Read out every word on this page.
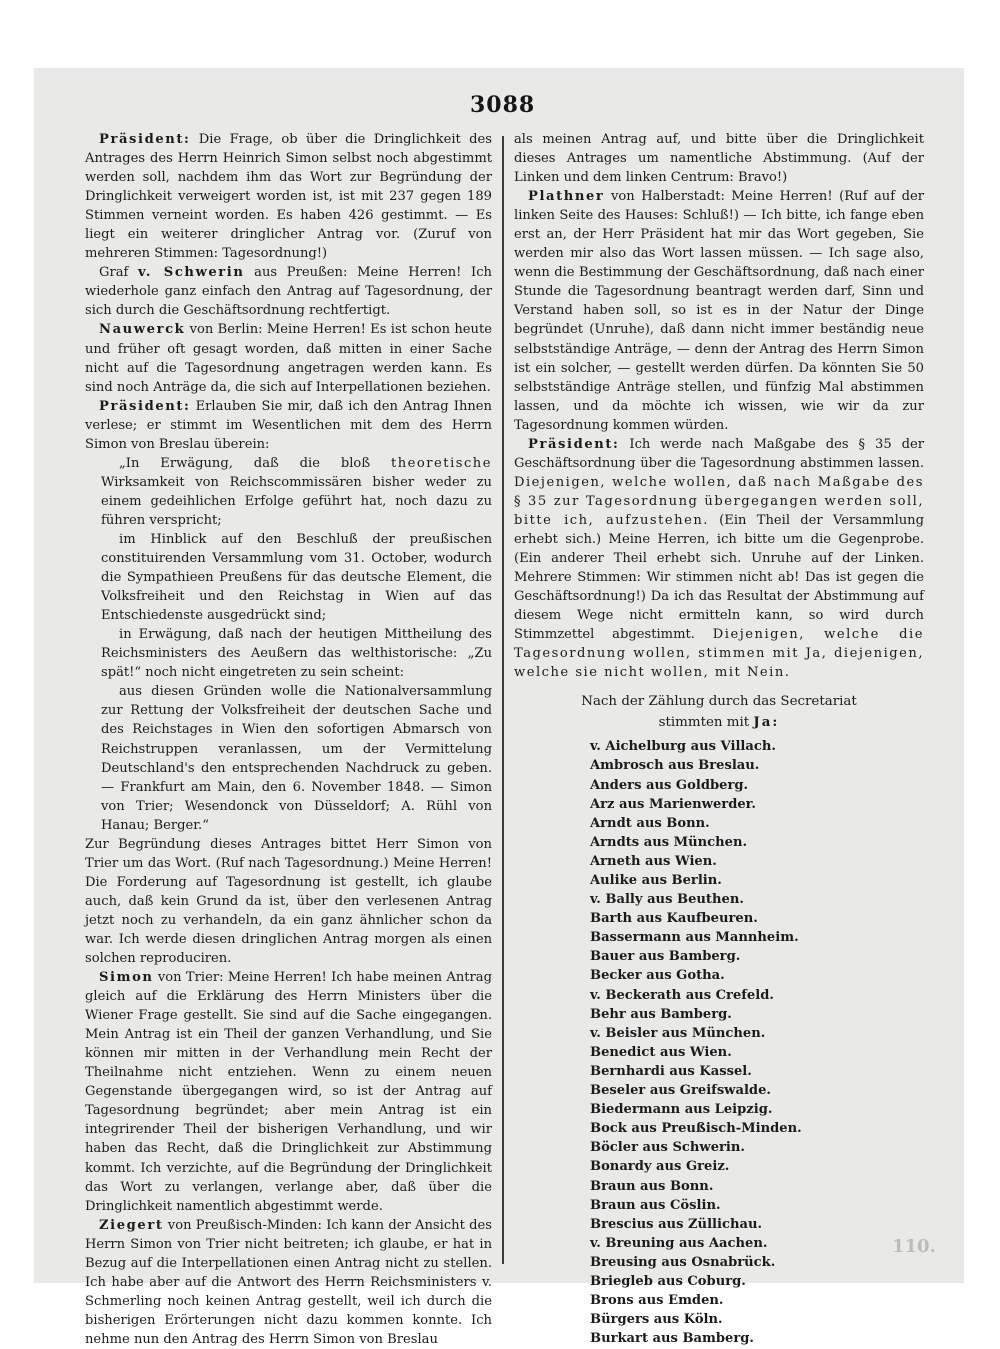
3088

Präsident: Die Frage, ob über die Dringlichkeit des Antrages des Herrn Heinrich Simon selbst noch abgestimmt werden soll, nachdem ihm das Wort zur Begründung der Dringlichkeit verweigert worden ist, ist mit 237 gegen 189 Stimmen verneint worden. Es haben 426 gestimmt. — Es liegt ein weiterer dringlicher Antrag vor. (Zuruf von mehreren Stimmen: Tagesordnung!)

Graf v. Schwerin aus Preußen: Meine Herren! Ich wiederhole ganz einfach den Antrag auf Tagesordnung, der sich durch die Geschäftsordnung rechtfertigt.

Nauwerck von Berlin: Meine Herren! Es ist schon heute und früher oft gesagt worden, daß mitten in einer Sache nicht auf die Tagesordnung angetragen werden kann. Es sind noch Anträge da, die sich auf Interpellationen beziehen.

Präsident: Erlauben Sie mir, daß ich den Antrag Ihnen verlese; er stimmt im Wesentlichen mit dem des Herrn Simon von Breslau überein:

„In Erwägung, daß die bloß theoretische Wirksamkeit von Reichscommissären bisher weder zu einem gedeihlichen Erfolge geführt hat, noch dazu zu führen verspricht;

im Hinblick auf den Beschluß der preußischen constituirenden Versammlung vom 31. October, wodurch die Sympathieen Preußens für das deutsche Element, die Volksfreiheit und den Reichstag in Wien auf das Entschiedenste ausgedrückt sind;

in Erwägung, daß nach der heutigen Mittheilung des Reichsministers des Aeußern das welthistorische: „Zu spät!“ noch nicht eingetreten zu sein scheint:

aus diesen Gründen wolle die Nationalversammlung zur Rettung der Volksfreiheit der deutschen Sache und des Reichstages in Wien den sofortigen Abmarsch von Reichstruppen veranlassen, um der Vermittelung Deutschland's den entsprechenden Nachdruck zu geben. — Frankfurt am Main, den 6. November 1848. — Simon von Trier; Wesendonck von Düsseldorf; A. Rühl von Hanau; Berger.“

Zur Begründung dieses Antrages bittet Herr Simon von Trier um das Wort. (Ruf nach Tagesordnung.) Meine Herren! Die Forderung auf Tagesordnung ist gestellt, ich glaube auch, daß kein Grund da ist, über den verlesenen Antrag jetzt noch zu verhandeln, da ein ganz ähnlicher schon da war. Ich werde diesen dringlichen Antrag morgen als einen solchen reproduciren.

Simon von Trier: Meine Herren! Ich habe meinen Antrag gleich auf die Erklärung des Herrn Ministers über die Wiener Frage gestellt. Sie sind auf die Sache eingegangen. Mein Antrag ist ein Theil der ganzen Verhandlung, und Sie können mir mitten in der Verhandlung mein Recht der Theilnahme nicht entziehen. Wenn zu einem neuen Gegenstande übergegangen wird, so ist der Antrag auf Tagesordnung begründet; aber mein Antrag ist ein integrirender Theil der bisherigen Verhandlung, und wir haben das Recht, daß die Dringlichkeit zur Abstimmung kommt. Ich verzichte, auf die Begründung der Dringlichkeit das Wort zu verlangen, verlange aber, daß über die Dringlichkeit namentlich abgestimmt werde.

Ziegert von Preußisch-Minden: Ich kann der Ansicht des Herrn Simon von Trier nicht beitreten; ich glaube, er hat in Bezug auf die Interpellationen einen Antrag nicht zu stellen. Ich habe aber auf die Antwort des Herrn Reichsministers v. Schmerling noch keinen Antrag gestellt, weil ich durch die bisherigen Erörterungen nicht dazu kommen konnte. Ich nehme nun den Antrag des Herrn Simon von Breslau

als meinen Antrag auf, und bitte über die Dringlichkeit dieses Antrages um namentliche Abstimmung. (Auf der Linken und dem linken Centrum: Bravo!)

Plathner von Halberstadt: Meine Herren! (Ruf auf der linken Seite des Hauses: Schluß!) — Ich bitte, ich fange eben erst an, der Herr Präsident hat mir das Wort gegeben, Sie werden mir also das Wort lassen müssen. — Ich sage also, wenn die Bestimmung der Geschäftsordnung, daß nach einer Stunde die Tagesordnung beantragt werden darf, Sinn und Verstand haben soll, so ist es in der Natur der Dinge begründet (Unruhe), daß dann nicht immer beständig neue selbstständige Anträge, — denn der Antrag des Herrn Simon ist ein solcher, — gestellt werden dürfen. Da könnten Sie 50 selbstständige Anträge stellen, und fünfzig Mal abstimmen lassen, und da möchte ich wissen, wie wir da zur Tagesordnung kommen würden.

Präsident: Ich werde nach Maßgabe des § 35 der Geschäftsordnung über die Tagesordnung abstimmen lassen. Diejenigen, welche wollen, daß nach Maßgabe des § 35 zur Tagesordnung übergegangen werden soll, bitte ich, aufzustehen. (Ein Theil der Versammlung erhebt sich.) Meine Herren, ich bitte um die Gegenprobe. (Ein anderer Theil erhebt sich. Unruhe auf der Linken. Mehrere Stimmen: Wir stimmen nicht ab! Das ist gegen die Geschäftsordnung!) Da ich das Resultat der Abstimmung auf diesem Wege nicht ermitteln kann, so wird durch Stimmzettel abgestimmt. Diejenigen, welche die Tagesordnung wollen, stimmen mit Ja, diejenigen, welche sie nicht wollen, mit Nein.

Nach der Zählung durch das Secretariat
stimmten mit Ja:

v. Aichelburg aus Villach.
Ambrosch aus Breslau.
Anders aus Goldberg.
Arz aus Marienwerder.
Arndt aus Bonn.
Arndts aus München.
Arneth aus Wien.
Aulike aus Berlin.
v. Bally aus Beuthen.
Barth aus Kaufbeuren.
Bassermann aus Mannheim.
Bauer aus Bamberg.
Becker aus Gotha.
v. Beckerath aus Crefeld.
Behr aus Bamberg.
v. Beisler aus München.
Benedict aus Wien.
Bernhardi aus Kassel.
Beseler aus Greifswalde.
Biedermann aus Leipzig.
Bock aus Preußisch-Minden.
Böcler aus Schwerin.
Bonardy aus Greiz.
Braun aus Bonn.
Braun aus Cöslin.
Brescius aus Züllichau.
v. Breuning aus Aachen.
Breusing aus Osnabrück.
Briegleb aus Coburg.
Brons aus Emden.
Bürgers aus Köln.
Burkart aus Bamberg.
110.
